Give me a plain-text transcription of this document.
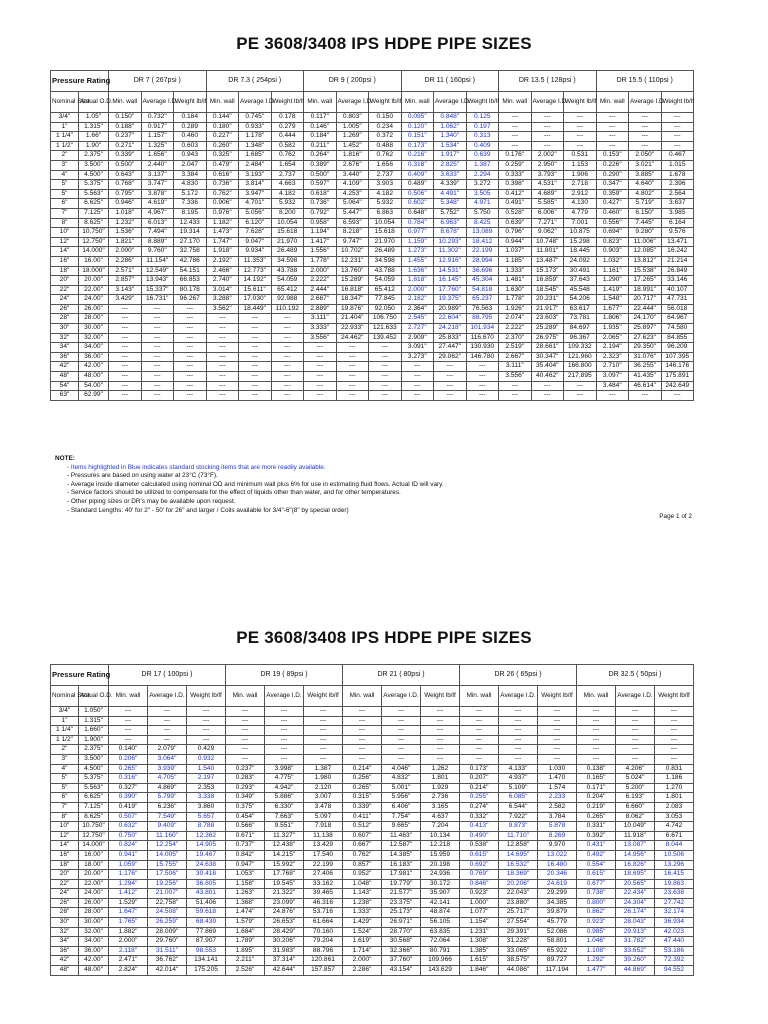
PE 3608/3408 IPS HDPE PIPE SIZES
Pressure Rating		DR 7 ( 267psi )			DR 7.3 ( 254psi )			DR 9 ( 200psi )			DR 11 ( 160psi )			DR 13.5 ( 128psi )			DR 15.5 ( 110psi )		
Nominal Size	Actual O.D.	Min. wall	Average I.D.	Weight lb/lf	Min. wall	Average I.D.	Weight lb/lf	Min. wall	Average I.D.	Weight lb/lf	Min. wall	Average I.D.	Weight lb/lf	Min. wall	Average I.D.	Weight lb/lf	Min. wall	Average I.D.	Weight lb/lf
3/4"	1.05"	0.150"	0.732"	0.184	0.144"	0.745"	0.178	0.117"	0.803"	0.150	0.095"	0.848"	0.125	---	---	---	---	---	---
1"	1.315"	0.188"	0.917"	0.289	0.180"	0.933"	0.279	0.146"	1.005"	0.234	0.120"	1.062"	0.197	---	---	---	---	---	---
1 1/4"	1.66"	0.237"	1.157"	0.460	0.227"	1.178"	0.444	0.184"	1.269"	0.372	0.151"	1.340"	0.313	---	---	---	---	---	---
1 1/2"	1.90"	0.271"	1.325"	0.603	0.260"	1.348"	0.582	0.211"	1.452"	0.488	0.173"	1.534"	0.409	---	---	---	---	---	---
2"	2.375"	0.339"	1.656"	0.943	0.325"	1.685"	0.762	0.264"	1.816"	0.762	0.216"	1.917"	0.639	0.176"	2.002"	0.531	0.153"	2.050"	0.467
3"	3.500"	0.500"	2.440"	2.047	0.479"	2.484"	1.654	0.389"	2.676"	1.656	0.318"	2.825"	1.387	0.259"	2.950"	1.153	0.226"	3.021"	1.015
4"	4.500"	0.643"	3.137"	3.384	0.616"	3.193"	2.737	0.500"	3.440"	2.737	0.409"	3.633"	2.294	0.333"	3.793"	1.906	0.290"	3.885"	1.678
5"	5.375"	0.768"	3.747"	4.830	0.736"	3.814"	4.663	0.597"	4.109"	3.903	0.489"	4.339"	3.272	0.398"	4.531"	2.718	0.347"	4.640"	2.396
5"	5.563"	0.795"	3.878"	5.172	0.762"	3.947"	4.182	0.618"	4.253"	4.182	0.506"	4.491"	3.505	0.412"	4.689"	2.912	0.359"	4.802"	2.564
6"	6.625"	0.946"	4.619"	7.336	0.906"	4.701"	5.932	0.736"	5.064"	5.932	0.602"	5.348"	4.971	0.491"	5.585"	4.130	0.427"	5.719"	3.637
7"	7.125"	1.018"	4.967"	8.195	0.976"	5.056"	8.200	0.792"	5.447"	6.863	0.648"	5.752"	5.750	0.528"	6.006"	4.779	0.460"	6.150"	3.985
8"	8.625"	1.232"	6.013"	12.433	1.182"	6.120"	10.054	0.958"	6.593"	10.054	0.784"	6.963"	8.425	0.639"	7.271"	7.001	0.556"	7.445"	6.164
10"	10.750"	1.536"	7.494"	19.314	1.473"	7.628"	15.618	1.194"	8.218"	15.618	0.977"	8.678"	13.089	0.796"	9.062"	10.875	0.694"	9.280"	9.576
12"	12.750"	1.821"	8.889"	27.170	1.747"	9.047"	21.970	1.417"	9.747"	21.970	1.159"	10.293"	18.412	0.944"	10.748"	15.298	0.823"	11.006"	13.471
14"	14.000"	2.000"	9.760"	32.758	1.918"	9.934"	26.489	1.556"	10.702"	26.489	1.273"	11.302"	22.199	1.037"	11.801"	18.445	0.903"	12.085"	16.242
16"	16.00"	2.286"	11.154"	42.786	2.192"	11.353"	34.598	1.778"	12.231"	34.598	1.455"	12.916"	28.994	1.185"	13.487"	24.092	1.032"	13.812"	21.214
18"	18.000"	2.571"	12.549"	54.151	2.466"	12.773"	43.788	2.000"	13.760"	43.788	1.636"	14.531"	36.696	1.333"	15.173"	30.491	1.161"	15.538"	26.849
20"	20.00"	2.857"	13.943"	66.853	2.740"	14.192"	54.059	2.222"	15.289"	54.059	1.818"	16.145"	45.304	1.481"	16.859"	37.643	1.290"	17.265"	33.146
22"	22.00"	3.143"	15.337"	80.178	3.014"	15.611"	65.412	2.444"	16.818"	65.412	2.000"	17.760"	54.818	1.630"	18.545"	45.548	1.419"	18.991"	40.107
24"	24.00"	3.429"	16.731"	96.267	3.288"	17.030"	92.988	2.667"	18.347"	77.845	2.182"	19.375"	65.237	1.778"	20.231"	54.206	1.548"	20.717"	47.731
26"	26.00"	---	---	---	3.562"	18.449"	110.192	2.889"	19.876"	92.050	2.364"	20.989"	76.563	1.926"	21.917"	63.617	1.677"	22.444"	56.018
28"	28.00"	---	---	---	---	---	---	3.111"	21.404"	106.750	2.545"	22.604"	88.795	2.074"	23.603"	73.781	1.806"	24.170"	64.967
30"	30.00"	---	---	---	---	---	---	3.333"	22.933"	121.633	2.727"	24.218"	101.934	2.222"	25.289"	84.697	1.935"	25.897"	74.580
32"	32.00"	---	---	---	---	---	---	3.556"	24.462"	139.452	2.909"	25.833"	116.670	2.370"	26.975"	96.367	2.065"	27.623"	84.855
34"	34.00"	---	---	---	---	---	---	---	---	---	3.091"	27.447"	130.930	2.519"	28.661"	109.332	2.194"	29.350"	96.209
36"	36.00"	---	---	---	---	---	---	---	---	---	3.273"	29.062"	146.780	2.667"	30.347"	121.960	2.323"	31.076"	107.395
42"	42.00"	---	---	---	---	---	---	---	---	---	---	---	---	3.111"	35.404"	166.800	2.710"	36.255"	146.176
48"	48.00"	---	---	---	---	---	---	---	---	---	---	---	---	3.556"	40.462"	217.895	3.097"	41.435"	175.891
54"	54.00"	---	---	---	---	---	---	---	---	---	---	---	---	---	---	---	3.484"	46.614"	242.649
63"	62.99"	---	---	---	---	---	---	---	---	---	---	---	---	---	---	---	---	---	---
NOTE:
- Items highlighted in Blue indicates standard stocking items that are more readily available.
- Pressures are based on using water at 23°C (73°F).
- Average inside diameter calculated using nominal OD and minimum wall plus 6% for use in estimating fluid flows. Actual ID will vary.
- Service factors should be utilized to compensate for the effect of liquids other than water, and for other temperatures.
- Other piping sizes or DR's may be available upon request.
- Standard Lengths: 40' for 2" - 50' for 26" and larger / Coils available for 3/4"-6"(8" by special order)
Page 1 of 2
PE 3608/3408 IPS HDPE PIPE SIZES
Pressure Rating		DR 17 ( 100psi )			DR 19 ( 89psi )			DR 21 ( 80psi )			DR 26 ( 65psi )			DR 32.5 ( 50psi )		
Nominal Size	Actual O.D.	Min. wall	Average I.D.	Weight lb/lf	Min. wall	Average I.D.	Weight lb/lf	Min. wall	Average I.D.	Weight lb/lf	Min. wall	Average I.D.	Weight lb/lf	Min. wall	Average I.D.	Weight lb/lf
3/4"	1.050"	---	---	---	---	---	---	---	---	---	---	---	---	---	---	---
1"	1.315"	---	---	---	---	---	---	---	---	---	---	---	---	---	---	---
1 1/4"	1.660"	---	---	---	---	---	---	---	---	---	---	---	---	---	---	---
1 1/2"	1.900"	---	---	---	---	---	---	---	---	---	---	---	---	---	---	---
2"	2.375"	0.140"	2.079"	0.429	---	---	---	---	---	---	---	---	---	---	---	---
3"	3.500"	0.206"	3.064"	0.932	---	---	---	---	---	---	---	---	---	---	---	---
4"	4.500"	0.265"	3.939"	1.540	0.237"	3.998"	1.387	0.214"	4.046"	1.262	0.173"	4.133"	1.030	0.138"	4.206"	0.831
5"	5.375"	0.316"	4.705"	2.197	0.283"	4.775"	1.980	0.256"	4.832"	1.801	0.207"	4.937"	1.470	0.165"	5.024"	1.186
5"	5.563"	0.327"	4.869"	2.353	0.293"	4.942"	2.120	0.265"	5.001"	1.929	0.214"	5.109"	1.574	0.171"	5.200"	1.270
6"	6.625"	0.390"	5.799"	3.338	0.349"	5.886"	3.007	0.315"	5.956"	2.736	0.255"	6.085"	2.233	0.204"	6.193"	1.801
7"	7.125"	0.419"	6.236"	3.860	0.375"	6.330"	3.478	0.339"	6.406"	3.165	0.274"	6.544"	2.582	0.219"	6.660"	2.083
8"	8.625"	0.507"	7.549"	5.657	0.454"	7.663"	5.097	0.411"	7.754"	4.637	0.332"	7.922"	3.784	0.265"	8.062"	3.053
10"	10.750"	0.632"	9.409"	8.788	0.566"	9.551"	7.918	0.512"	9.665"	7.204	0.413"	9.873"	5.878	0.331"	10.049"	4.742
12"	12.750"	0.750"	11.160"	12.362	0.671"	11.327"	11.138	0.607"	11.463"	10.134	0.490"	11.710"	8.269	0.392"	11.918"	6.671
14"	14.000"	0.824"	12.254"	14.905	0.737"	12.438"	13.429	0.667"	12.587"	12.218	0.538"	12.858"	9.970	0.431"	13.087"	8.044
16"	16.00"	0.941"	14.005"	19.467	0.842"	14.215"	17.540	0.762"	14.385"	15.959	0.615"	14.695"	13.022	0.492"	14.956"	10.506
18"	18.00"	1.059"	15.755"	24.638	0.947"	15.992"	22.199	0.857"	16.183"	20.198	0.692"	16.532"	16.480	0.554"	16.826"	13.296
20"	20.00"	1.176"	17.506"	30.418	1.053"	17.768"	27.406	0.952"	17.981"	24.936	0.769"	18.369"	20.346	0.615"	18.695"	16.415
22"	22.00"	1.294"	19.256"	36.805	1.158"	19.545"	33.162	1.048"	19.779"	30.172	0.846"	20.206"	24.619	0.677"	20.565"	19.863
24"	24.00"	1.412"	21.007"	43.801	1.263"	21.322"	39.465	1.143"	21.577"	35.907	0.923"	22.043"	29.299	0.738"	22.434"	23.638
26"	26.00"	1.529"	22.758"	51.406	1.368"	23.099"	46.316	1.238"	23.375"	42.141	1.000"	23.880"	34.385	0.800"	24.304"	27.742
28"	28.00"	1.647"	24.508"	59.618	1.474"	24.876"	53.716	1.333"	25.173"	48.874	1.077"	25.717"	39.879	0.862"	26.174"	32.174
30"	30.00"	1.765"	26.259"	68.439	1.579"	26.653"	61.664	1.429"	26.971"	56.105	1.154"	27.554"	45.779	0.923"	28.043"	36.934
32"	32.00"	1.882"	28.009"	77.869	1.684"	28.429"	70.160	1.524"	28.770"	63.835	1.231"	29.391"	52.086	0.985"	29.913"	42.023
34"	34.00"	2.000"	29.760"	87.907	1.789"	30.206"	79.204	1.619"	30.568"	72.064	1.308"	31.228"	58.801	1.046"	31.782"	47.440
36"	36.00"	2.118"	31.511"	98.553	1.895"	31.983"	88.796	1.714"	32.366"	80.791	1.385"	33.065"	65.922	1.108"	33.652"	53.186
42"	42.00"	2.471"	36.762"	134.141	2.211"	37.314"	120.861	2.000"	37.760"	109.966	1.615"	38.575"	89.727	1.292"	39.260"	72.392
48"	48.00"	2.824"	42.014"	175.205	2.526"	42.644"	157.857	2.286"	43.154"	143.629	1.846"	44.086"	117.194	1.477"	44.869"	94.552
